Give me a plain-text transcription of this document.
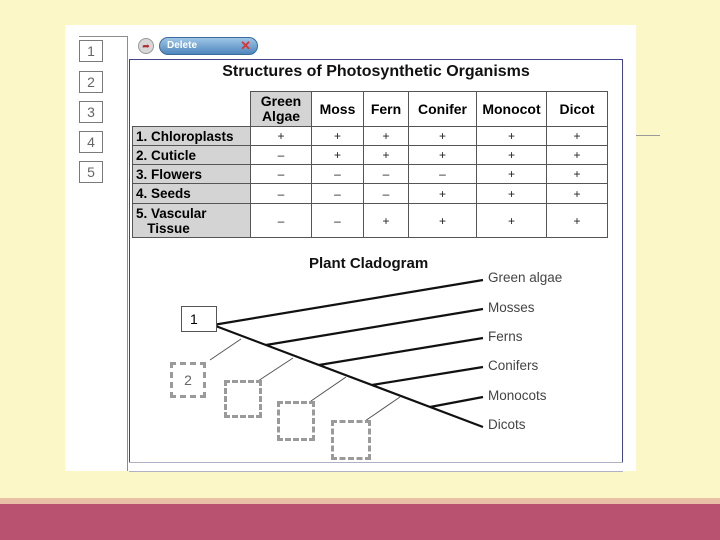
1
2
3
4
5
➦	Delete	✕
Structures of Photosynthetic Organisms
	Green
Algae	Moss	Fern	Conifer	Monocot	Dicot
1. Chloroplasts	+	+	+	+	+	+
2. Cuticle	–	+	+	+	+	+
3. Flowers	–	–	–	–	+	+
4. Seeds	–	–	–	+	+	+
5. Vascular
Tissue	–	–	+	+	+	+
Plant Cladogram
Green algae
Mosses
Ferns
Conifers
Monocots
Dicots
1
2
